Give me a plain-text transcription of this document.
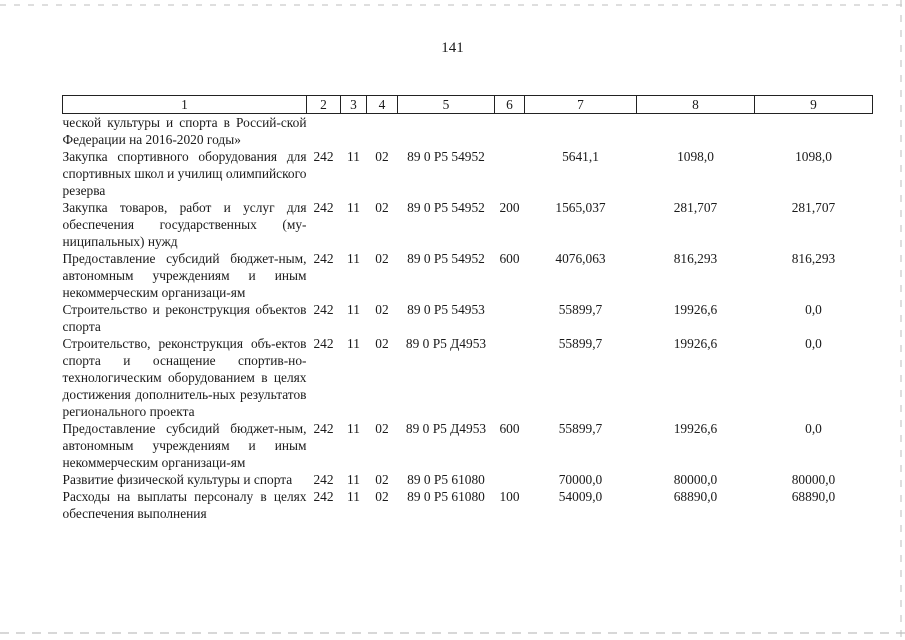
141
1	2	3	4	5	6	7	8	9
ческой культуры и спорта в Россий-ской Федерации на 2016-2020 годы»								
Закупка спортивного оборудования для спортивных школ и училищ олимпийского резерва	242	11	02	89 0 P5 54952		5641,1	1098,0	1098,0
Закупка товаров, работ и услуг для обеспечения государственных (му-ниципальных) нужд	242	11	02	89 0 P5 54952	200	1565,037	281,707	281,707
Предоставление субсидий бюджет-ным, автономным учреждениям и иным некоммерческим организаци-ям	242	11	02	89 0 P5 54952	600	4076,063	816,293	816,293
Строительство и реконструкция объектов спорта	242	11	02	89 0 P5 54953		55899,7	19926,6	0,0
Строительство, реконструкция объ-ектов спорта и оснащение спортив-но-технологическим оборудованием в целях достижения дополнитель-ных результатов регионального проекта	242	11	02	89 0 P5 Д4953		55899,7	19926,6	0,0
Предоставление субсидий бюджет-ным, автономным учреждениям и иным некоммерческим организаци-ям	242	11	02	89 0 P5 Д4953	600	55899,7	19926,6	0,0
Развитие физической культуры и спорта	242	11	02	89 0 P5 61080		70000,0	80000,0	80000,0
Расходы на выплаты персоналу в целях обеспечения выполнения	242	11	02	89 0 P5 61080	100	54009,0	68890,0	68890,0
